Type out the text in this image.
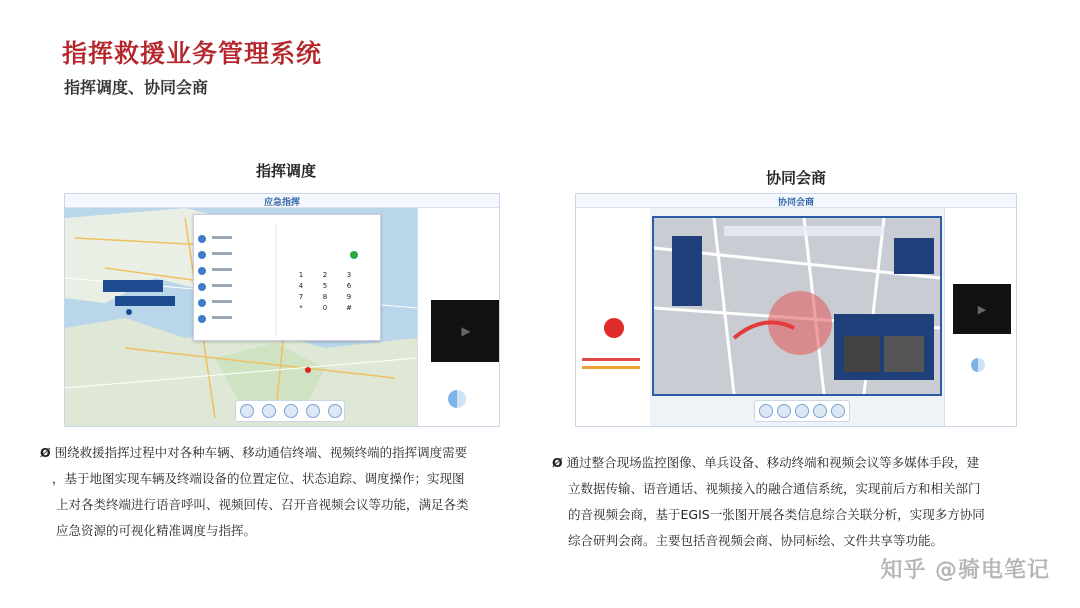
指挥救援业务管理系统
指挥调度、协同会商
指挥调度
应急指挥
1	2	3
4	5	6
7	8	9
*	0	#
▶
Ø 围绕救援指挥过程中对各种车辆、移动通信终端、视频终端的指挥调度需要
，基于地图实现车辆及终端设备的位置定位、状态追踪、调度操作；实现图
上对各类终端进行语音呼叫、视频回传、召开音视频会议等功能，满足各类
应急资源的可视化精准调度与指挥。
协同会商
协同会商
▶
Ø 通过整合现场监控图像、单兵设备、移动终端和视频会议等多媒体手段，建
立数据传输、语音通话、视频接入的融合通信系统，实现前后方和相关部门
的音视频会商，基于EGIS一张图开展各类信息综合关联分析，实现多方协同
综合研判会商。主要包括音视频会商、协同标绘、文件共享等功能。
知乎 @骑电笔记
